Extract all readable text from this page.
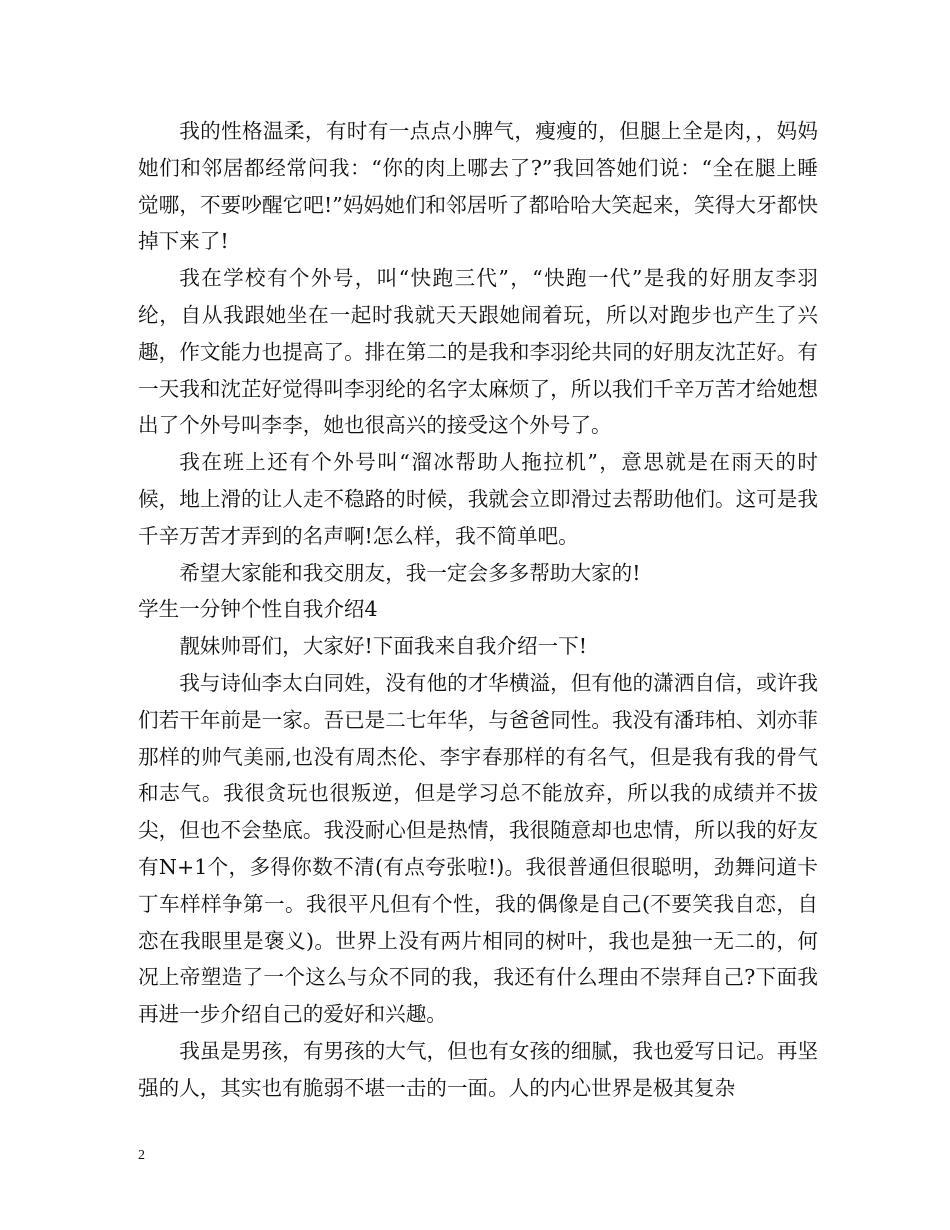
我的性格温柔，有时有一点点小脾气，瘦瘦的，但腿上全是肉，，妈妈她们和邻居都经常问我：“你的肉上哪去了?”我回答她们说：“全在腿上睡觉哪，不要吵醒它吧!”妈妈她们和邻居听了都哈哈大笑起来，笑得大牙都快掉下来了!

我在学校有个外号，叫“快跑三代”，“快跑一代”是我的好朋友李羽纶，自从我跟她坐在一起时我就天天跟她闹着玩，所以对跑步也产生了兴趣，作文能力也提高了。排在第二的是我和李羽纶共同的好朋友沈芷好。有一天我和沈芷好觉得叫李羽纶的名字太麻烦了，所以我们千辛万苦才给她想出了个外号叫李李，她也很高兴的接受这个外号了。

我在班上还有个外号叫“溜冰帮助人拖拉机”，意思就是在雨天的时候，地上滑的让人走不稳路的时候，我就会立即滑过去帮助他们。这可是我千辛万苦才弄到的名声啊!怎么样，我不简单吧。

希望大家能和我交朋友，我一定会多多帮助大家的!

学生一分钟个性自我介绍4

靓妹帅哥们，大家好!下面我来自我介绍一下!

我与诗仙李太白同姓，没有他的才华横溢，但有他的潇洒自信，或许我们若干年前是一家。吾已是二七年华，与爸爸同性。我没有潘玮柏、刘亦菲那样的帅气美丽,也没有周杰伦、李宇春那样的有名气，但是我有我的骨气和志气。我很贪玩也很叛逆，但是学习总不能放弃，所以我的成绩并不拔尖，但也不会垫底。我没耐心但是热情，我很随意却也忠情，所以我的好友有N+1个，多得你数不清(有点夸张啦!)。我很普通但很聪明，劲舞问道卡丁车样样争第一。我很平凡但有个性，我的偶像是自己(不要笑我自恋，自恋在我眼里是褒义)。世界上没有两片相同的树叶，我也是独一无二的，何况上帝塑造了一个这么与众不同的我，我还有什么理由不崇拜自己?下面我再进一步介绍自己的爱好和兴趣。

我虽是男孩，有男孩的大气，但也有女孩的细腻，我也爱写日记。再坚强的人，其实也有脆弱不堪一击的一面。人的内心世界是极其复杂

2
